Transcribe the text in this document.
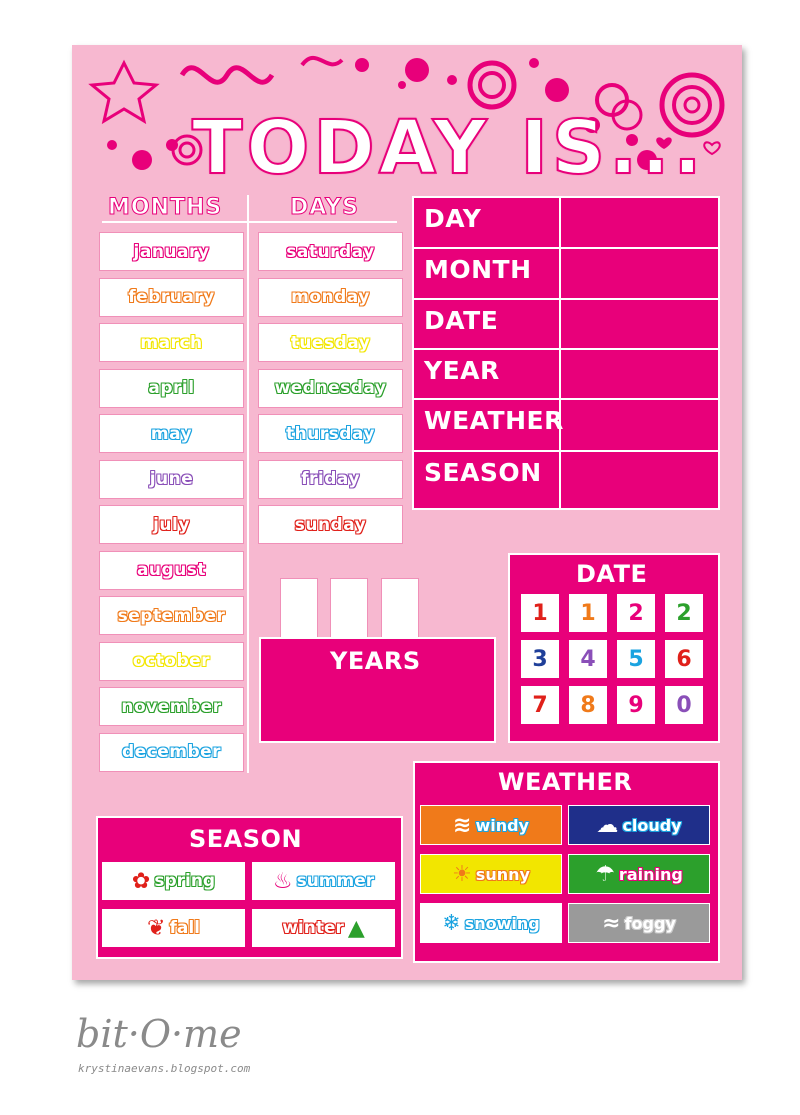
TODAY IS...
MONTHS	DAYS
january
february
march
april
may
june
july
august
september
october
november
december
saturday
monday
tuesday
wednesday
thursday
friday
sunday
DAY
MONTH
DATE
YEAR
WEATHER
SEASON
YEARS
DATE
1	1	2	2
3	4	5	6
7	8	9	0
WEATHER
≋ windy	☁ cloudy
☀ sunny	☂ raining
❄ snowing	≈ foggy
SEASON
✿ spring	♨ summer
❦ fall	winter ▲
bit·O·me
krystinaevans.blogspot.com
